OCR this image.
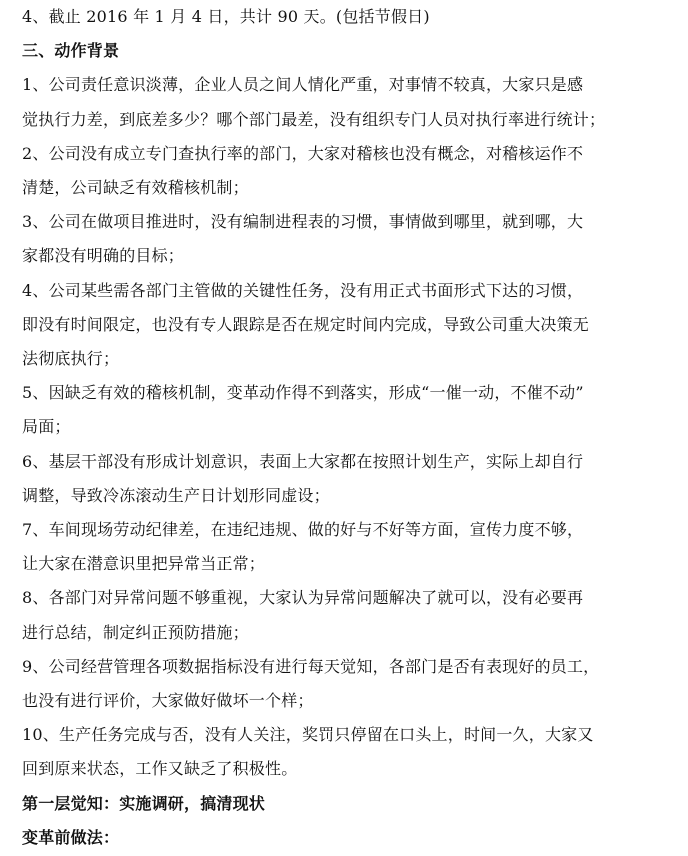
4、截止 2016 年 1 月 4 日，共计 90 天。(包括节假日)
三、动作背景
1、公司责任意识淡薄，企业人员之间人情化严重，对事情不较真，大家只是感
觉执行力差，到底差多少？哪个部门最差，没有组织专门人员对执行率进行统计；
2、公司没有成立专门查执行率的部门，大家对稽核也没有概念，对稽核运作不
清楚，公司缺乏有效稽核机制；
3、公司在做项目推进时，没有编制进程表的习惯，事情做到哪里，就到哪，大
家都没有明确的目标；
4、公司某些需各部门主管做的关键性任务，没有用正式书面形式下达的习惯，
即没有时间限定，也没有专人跟踪是否在规定时间内完成，导致公司重大决策无
法彻底执行；
5、因缺乏有效的稽核机制，变革动作得不到落实，形成“一催一动，不催不动”
局面；
6、基层干部没有形成计划意识，表面上大家都在按照计划生产，实际上却自行
调整，导致冷冻滚动生产日计划形同虚设；
7、车间现场劳动纪律差，在违纪违规、做的好与不好等方面，宣传力度不够，
让大家在潜意识里把异常当正常；
8、各部门对异常问题不够重视，大家认为异常问题解决了就可以，没有必要再
进行总结，制定纠正预防措施；
9、公司经营管理各项数据指标没有进行每天觉知，各部门是否有表现好的员工，
也没有进行评价，大家做好做坏一个样；
10、生产任务完成与否，没有人关注，奖罚只停留在口头上，时间一久，大家又
回到原来状态，工作又缺乏了积极性。
第一层觉知：实施调研，搞清现状
变革前做法：
